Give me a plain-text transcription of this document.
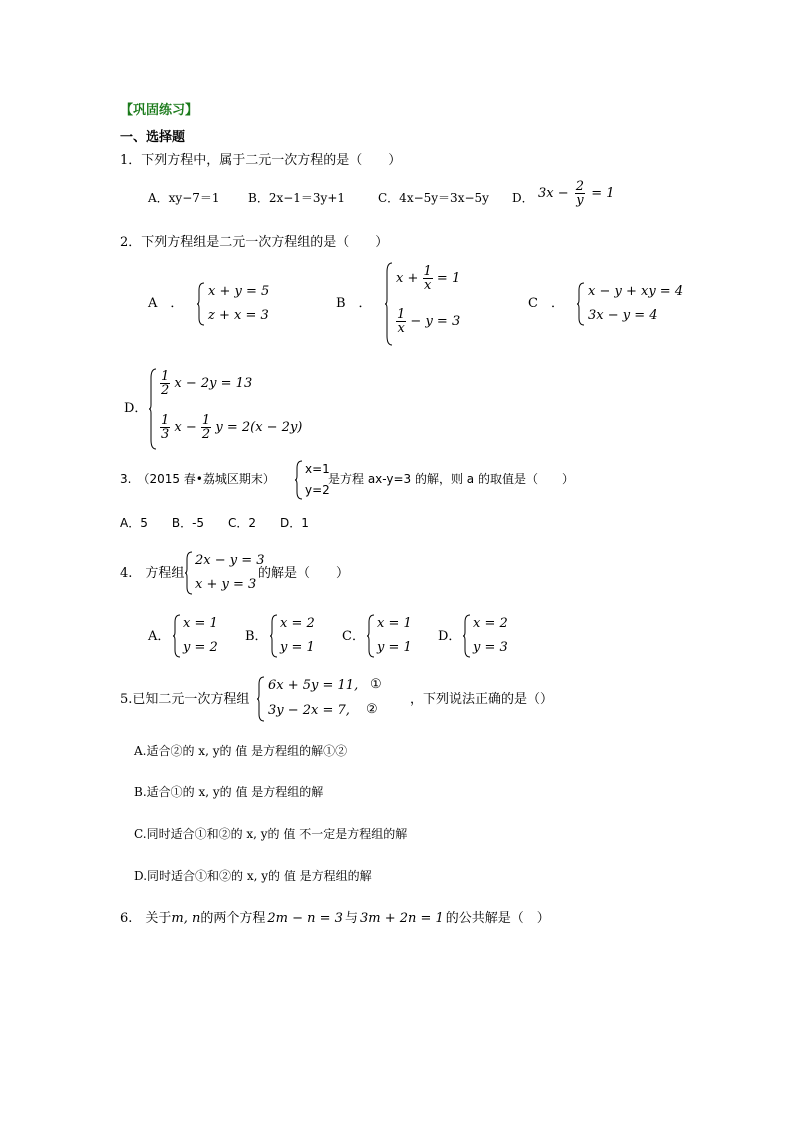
【巩固练习】
一、选择题
1．下列方程中，属于二元一次方程的是（　　）
A．xy−7＝1 B．2x−1＝3y+1	C．4x−5y＝3x−5y D． $3x - \frac{2}{y} = 1$
2．下列方程组是二元一次方程组的是（　　）
A　．
x + y = 5
z + x = 3
B　．
$x + \frac{1}{x} = 1$
$\frac{1}{x} - y = 3$
C　．
x − y + xy = 4
3x − y = 4
D．
$\frac{1}{2}$ x − 2y = 13
$\frac{1}{3}$ $x - \frac{1}{2}$ y = 2(x − 2y)
3.　（2015 春•荔城区期末）
x=1
y=2
是方程 ax-y=3 的解，则 a 的取值是（　　）
A．5　　B．-5　　C．2　　D．1
4.　方程组
2x − y = 3
x + y = 3
的解是（　　）
A．
x = 1
y = 2
B．
x = 2
y = 1
C．
x = 1
y = 1
D．
x = 2
y = 3
5.已知二元一次方程组
6x + 5y = 11, ①
3y − 2x = 7, ②
，下列说法正确的是（）
A.适合②的 x, y的 值 是方程组的解①②
B.适合①的 x, y的 值 是方程组的解
C.同时适合①和②的 x, y的 值 不一定是方程组的解
D.同时适合①和②的 x, y的 值 是方程组的解
6.　关于m, n的两个方程 2m − n = 3 与 3m + 2n = 1 的公共解是（　）
